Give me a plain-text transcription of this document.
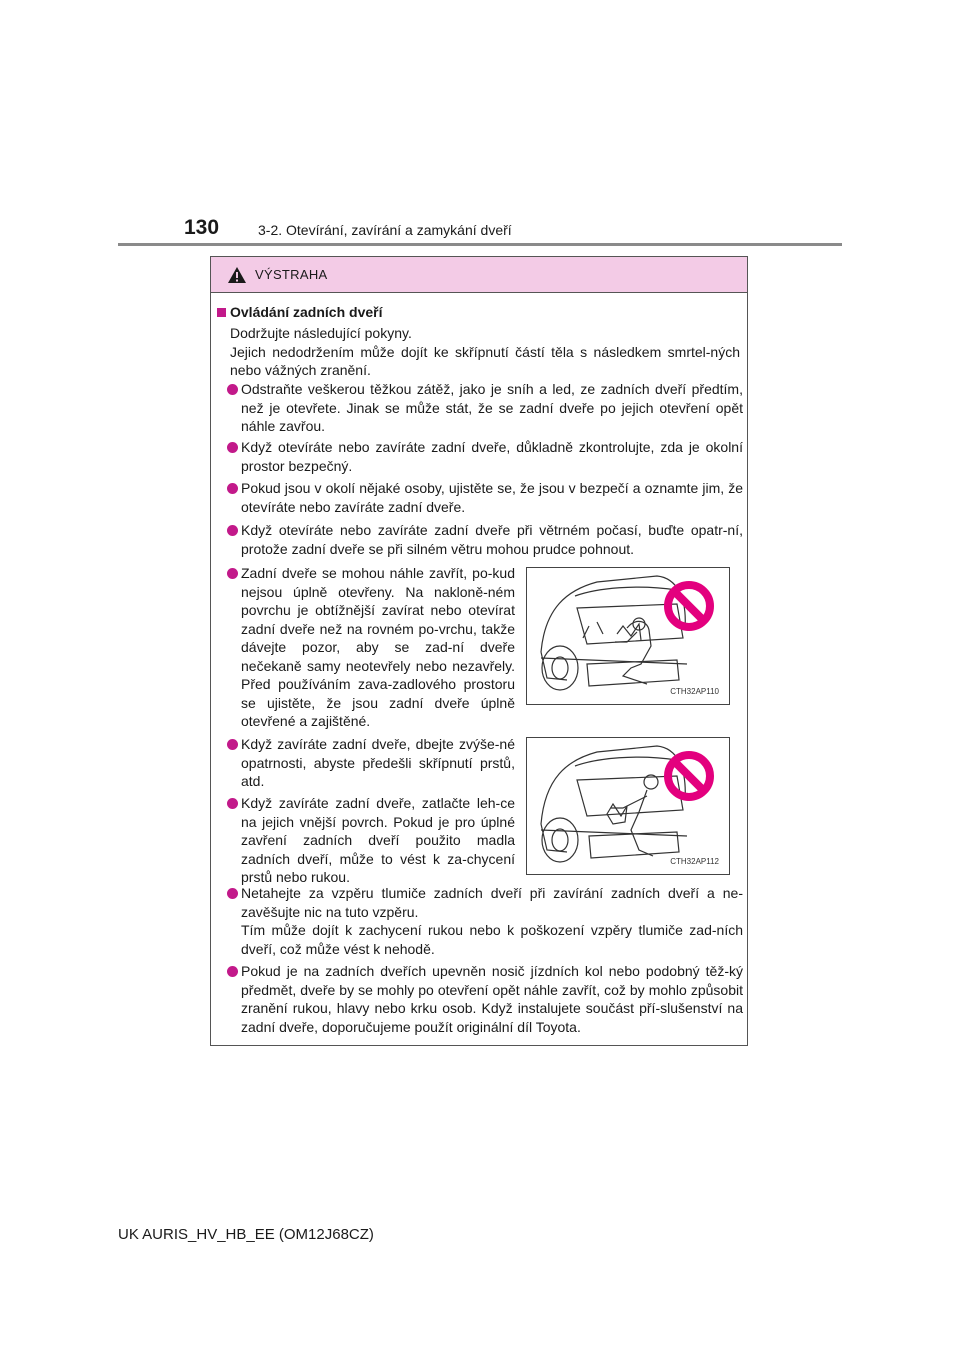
130	3-2. Otevírání, zavírání a zamykání dveří
VÝSTRAHA
Ovládání zadních dveří
Dodržujte následující pokyny.
Jejich nedodržením může dojít ke skřípnutí částí těla s následkem smrtel-ných nebo vážných zranění.
Odstraňte veškerou těžkou zátěž, jako je sníh a led, ze zadních dveří předtím, než je otevřete. Jinak se může stát, že se zadní dveře po jejich otevření opět náhle zavřou.
Když otevíráte nebo zavíráte zadní dveře, důkladně zkontrolujte, zda je okolní prostor bezpečný.
Pokud jsou v okolí nějaké osoby, ujistěte se, že jsou v bezpečí a oznamte jim, že otevíráte nebo zavíráte zadní dveře.
Když otevíráte nebo zavíráte zadní dveře při větrném počasí, buďte opatr-ní, protože zadní dveře se při silném větru mohou prudce pohnout.
Zadní dveře se mohou náhle zavřít, po-kud nejsou úplně otevřeny. Na nakloně-ném povrchu je obtížnější zavírat nebo otevírat zadní dveře než na rovném po-vrchu, takže dávejte pozor, aby se zad-ní dveře nečekaně samy neotevřely nebo nezavřely. Před používáním zava-zadlového prostoru se ujistěte, že jsou zadní dveře úplně otevřené a zajištěné.
CTH32AP110
Když zavíráte zadní dveře, dbejte zvýše-né opatrnosti, abyste předešli skřípnutí prstů, atd.
Když zavíráte zadní dveře, zatlačte leh-ce na jejich vnější povrch. Pokud je pro úplné zavření zadních dveří použito madla zadních dveří, může to vést k za-chycení prstů nebo rukou.
CTH32AP112
Netahejte za vzpěru tlumiče zadních dveří při zavírání zadních dveří a ne-zavěšujte nic na tuto vzpěru.
Tím může dojít k zachycení rukou nebo k poškození vzpěry tlumiče zad-ních dveří, což může vést k nehodě.
Pokud je na zadních dveřích upevněn nosič jízdních kol nebo podobný těž-ký předmět, dveře by se mohly po otevření opět náhle zavřít, což by mohlo způsobit zranění rukou, hlavy nebo krku osob. Když instalujete součást pří-slušenství na zadní dveře, doporučujeme použít originální díl Toyota.
UK AURIS_HV_HB_EE (OM12J68CZ)
